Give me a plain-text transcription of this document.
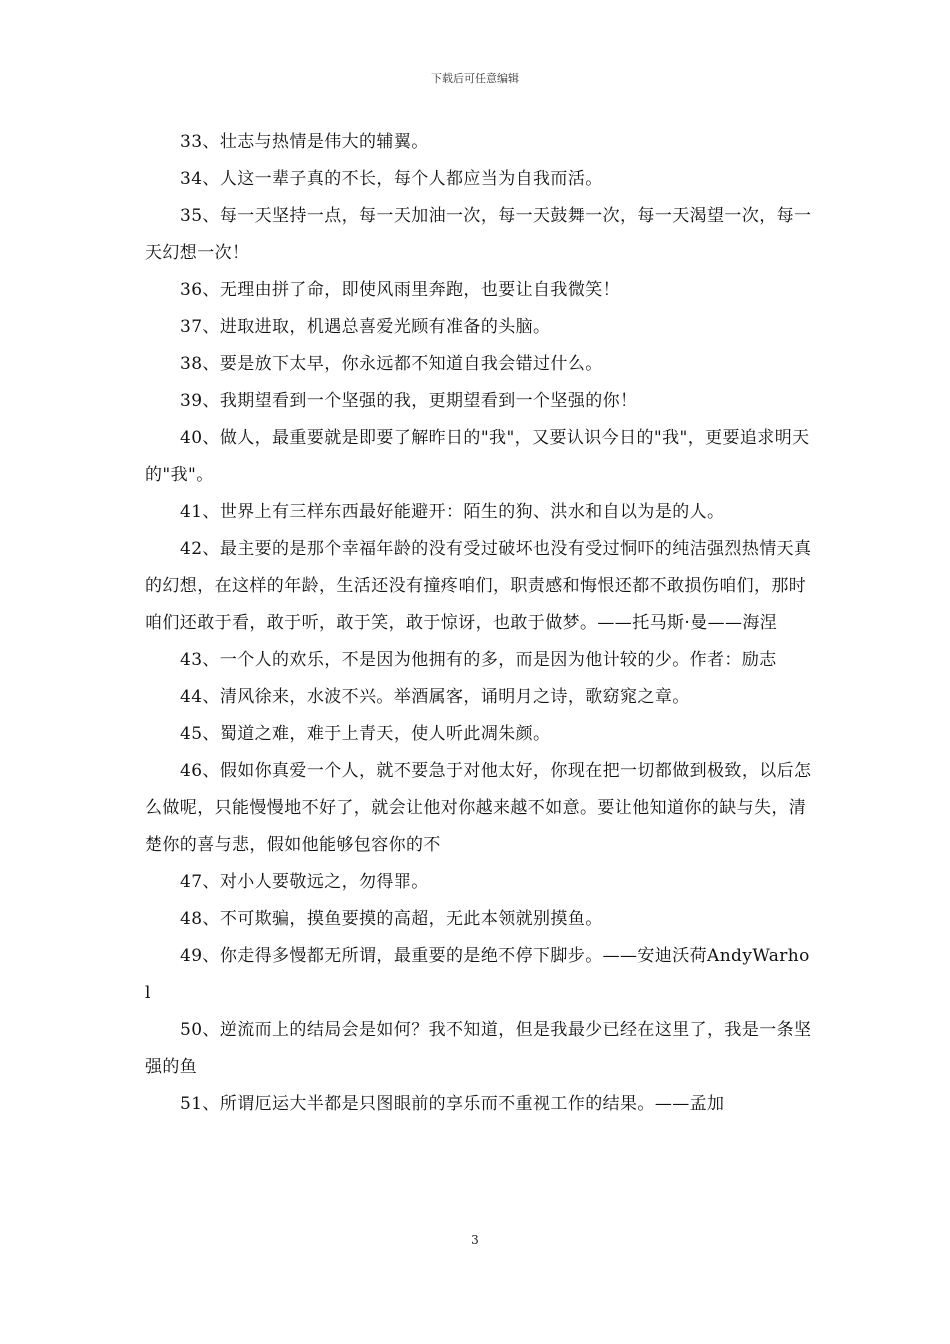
下载后可任意编辑

33、壮志与热情是伟大的辅翼。

34、人这一辈子真的不长，每个人都应当为自我而活。

35、每一天坚持一点，每一天加油一次，每一天鼓舞一次，每一天渴望一次，每一天幻想一次！

36、无理由拼了命，即使风雨里奔跑，也要让自我微笑！

37、进取进取，机遇总喜爱光顾有准备的头脑。

38、要是放下太早，你永远都不知道自我会错过什么。

39、我期望看到一个坚强的我，更期望看到一个坚强的你！

40、做人，最重要就是即要了解昨日的"我"，又要认识今日的"我"，更要追求明天的"我"。

41、世界上有三样东西最好能避开：陌生的狗、洪水和自以为是的人。

42、最主要的是那个幸福年龄的没有受过破坏也没有受过恫吓的纯洁强烈热情天真的幻想，在这样的年龄，生活还没有撞疼咱们，职责感和悔恨还都不敢损伤咱们，那时咱们还敢于看，敢于听，敢于笑，敢于惊讶，也敢于做梦。——托马斯·曼——海涅

43、一个人的欢乐，不是因为他拥有的多，而是因为他计较的少。作者：励志

44、清风徐来，水波不兴。举酒属客，诵明月之诗，歌窈窕之章。

45、蜀道之难，难于上青天，使人听此凋朱颜。

46、假如你真爱一个人，就不要急于对他太好，你现在把一切都做到极致，以后怎么做呢，只能慢慢地不好了，就会让他对你越来越不如意。要让他知道你的缺与失，清楚你的喜与悲，假如他能够包容你的不

47、对小人要敬远之，勿得罪。

48、不可欺骗，摸鱼要摸的高超，无此本领就别摸鱼。

49、你走得多慢都无所谓，最重要的是绝不停下脚步。——安迪沃荷AndyWarhol

50、逆流而上的结局会是如何？我不知道，但是我最少已经在这里了，我是一条坚强的鱼

51、所谓厄运大半都是只图眼前的享乐而不重视工作的结果。——孟加

3
